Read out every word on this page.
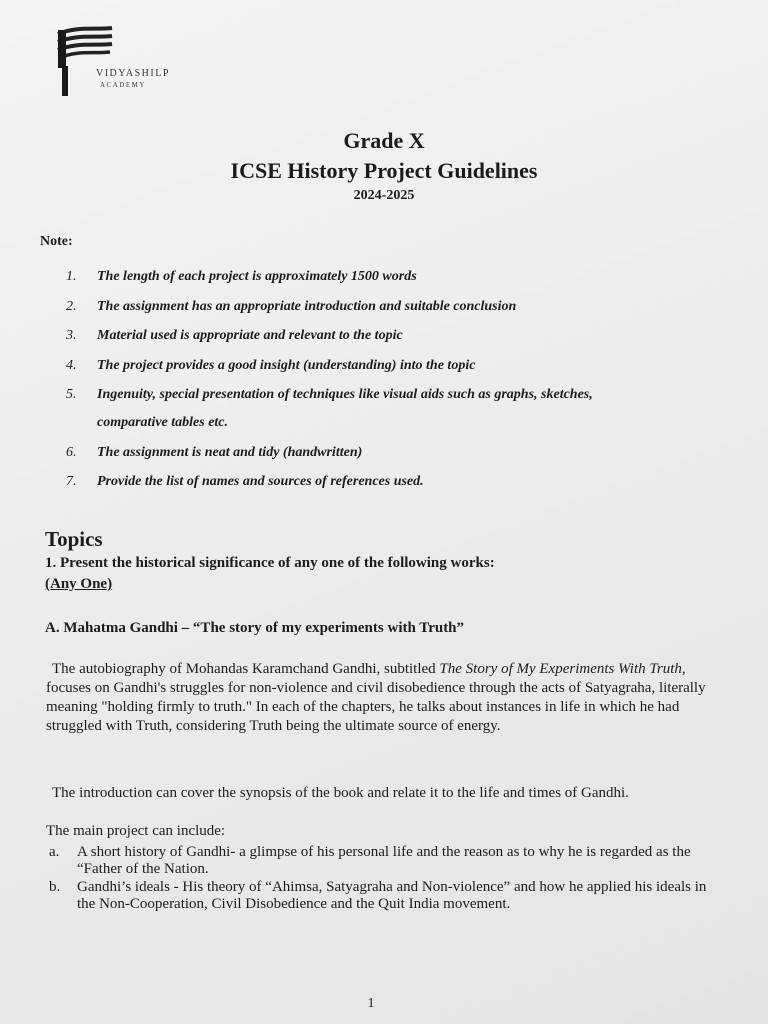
VIDYASHILP
ACADEMY
Grade X
ICSE History Project Guidelines
2024-2025
Note:
1. The length of each project is approximately 1500 words
2. The assignment has an appropriate introduction and suitable conclusion
3. Material used is appropriate and relevant to the topic
4. The project provides a good insight (understanding) into the topic
5. Ingenuity, special presentation of techniques like visual aids such as graphs, sketches,
comparative tables etc.
6. The assignment is neat and tidy (handwritten)
7. Provide the list of names and sources of references used.
Topics
1. Present the historical significance of any one of the following works:
(Any One)
A. Mahatma Gandhi – “The story of my experiments with Truth”
The autobiography of Mohandas Karamchand Gandhi, subtitled The Story of My Experiments With Truth, focuses on Gandhi's struggles for non-violence and civil disobedience through the acts of Satyagraha, literally meaning "holding firmly to truth." In each of the chapters, he talks about instances in life in which he had struggled with Truth, considering Truth being the ultimate source of energy.
The introduction can cover the synopsis of the book and relate it to the life and times of Gandhi.
The main project can include:
a. A short history of Gandhi- a glimpse of his personal life and the reason as to why he is regarded as the “Father of the Nation.
b. Gandhi’s ideals - His theory of “Ahimsa, Satyagraha and Non-violence” and how he applied his ideals in the Non-Cooperation, Civil Disobedience and the Quit India movement.
1
